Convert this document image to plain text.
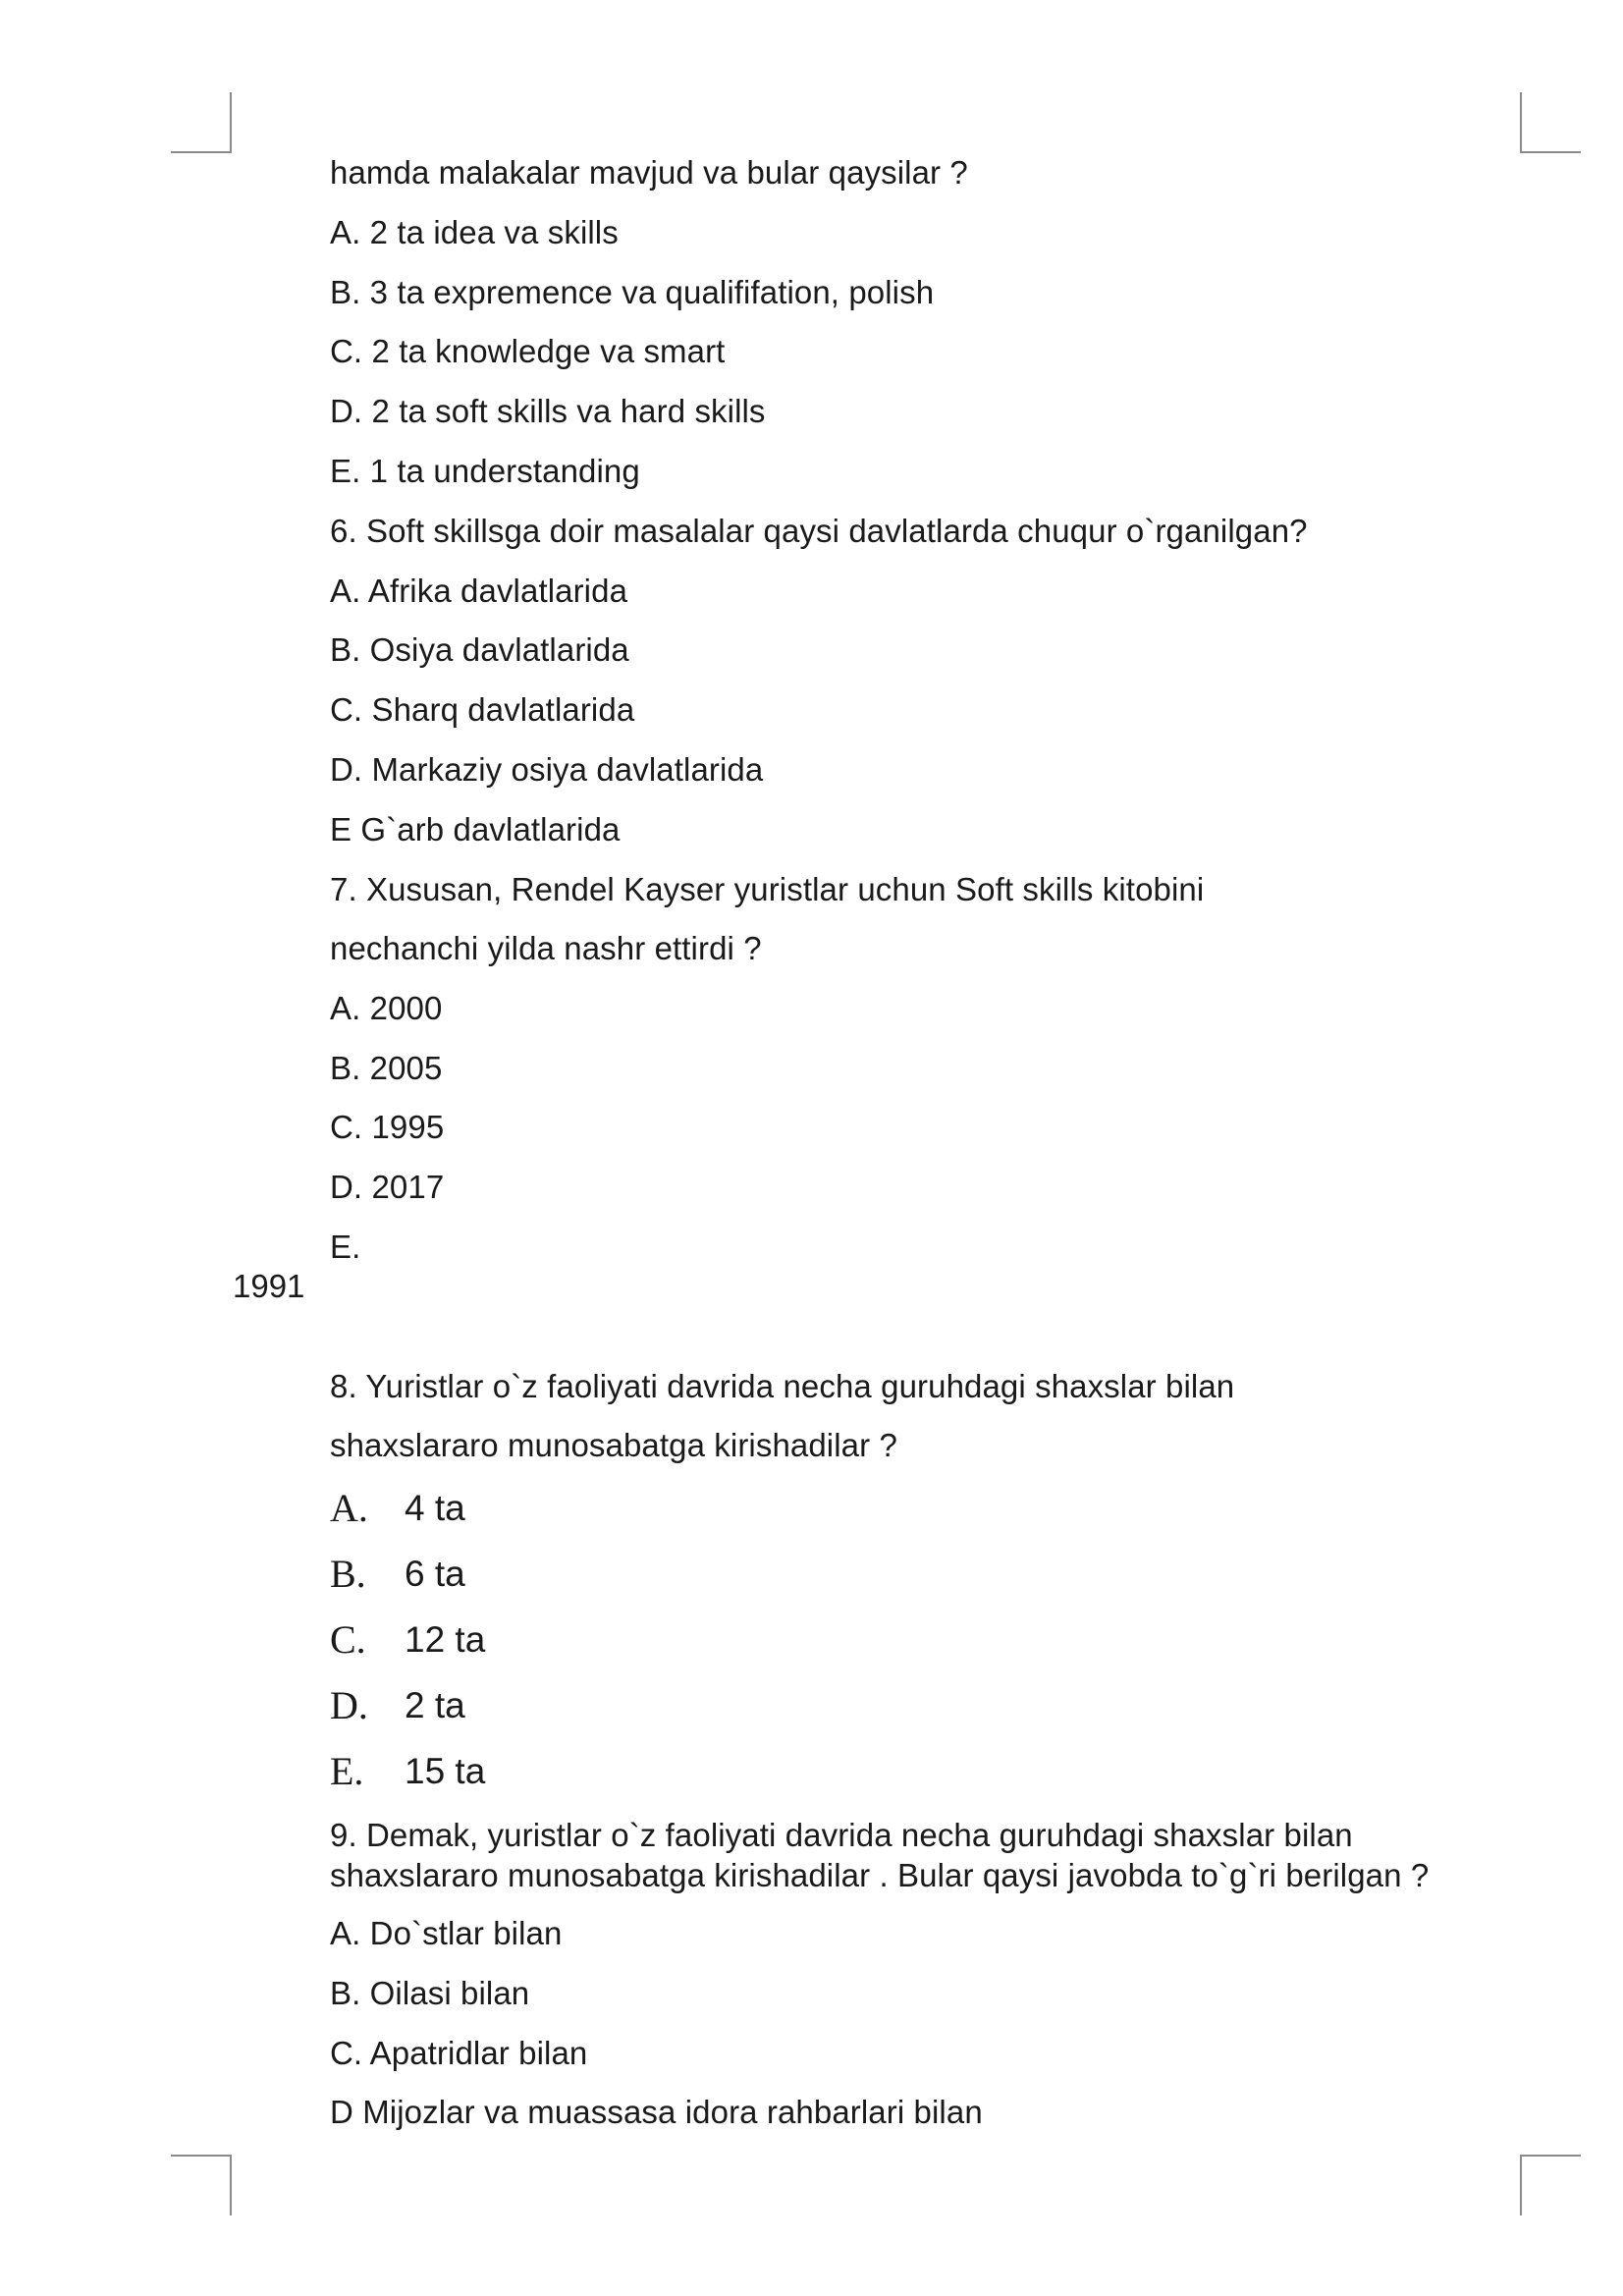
hamda malakalar mavjud va bular qaysilar ?
A. 2 ta idea va skills
B. 3 ta expremence va qualififation, polish
C. 2 ta knowledge va smart
D. 2 ta soft skills va hard skills
E. 1 ta understanding
6. Soft skillsga doir masalalar qaysi davlatlarda chuqur o`rganilgan?
A. Afrika davlatlarida
B. Osiya davlatlarida
C. Sharq davlatlarida
D. Markaziy osiya davlatlarida
E G`arb davlatlarida
7. Xususan, Rendel Kayser yuristlar uchun Soft skills kitobini
nechanchi yilda nashr ettirdi ?
A. 2000
B. 2005
C. 1995
D. 2017
E.
1991
8. Yuristlar o`z faoliyati davrida necha guruhdagi shaxslar bilan
shaxslararo munosabatga kirishadilar ?
A. 4 ta
B. 6 ta
C. 12 ta
D. 2 ta
E. 15 ta
9. Demak, yuristlar o`z faoliyati davrida necha guruhdagi shaxslar bilan
shaxslararo munosabatga kirishadilar . Bular qaysi javobda to`g`ri berilgan ?
A. Do`stlar bilan
B. Oilasi bilan
C. Apatridlar bilan
D Mijozlar va muassasa idora rahbarlari bilan
